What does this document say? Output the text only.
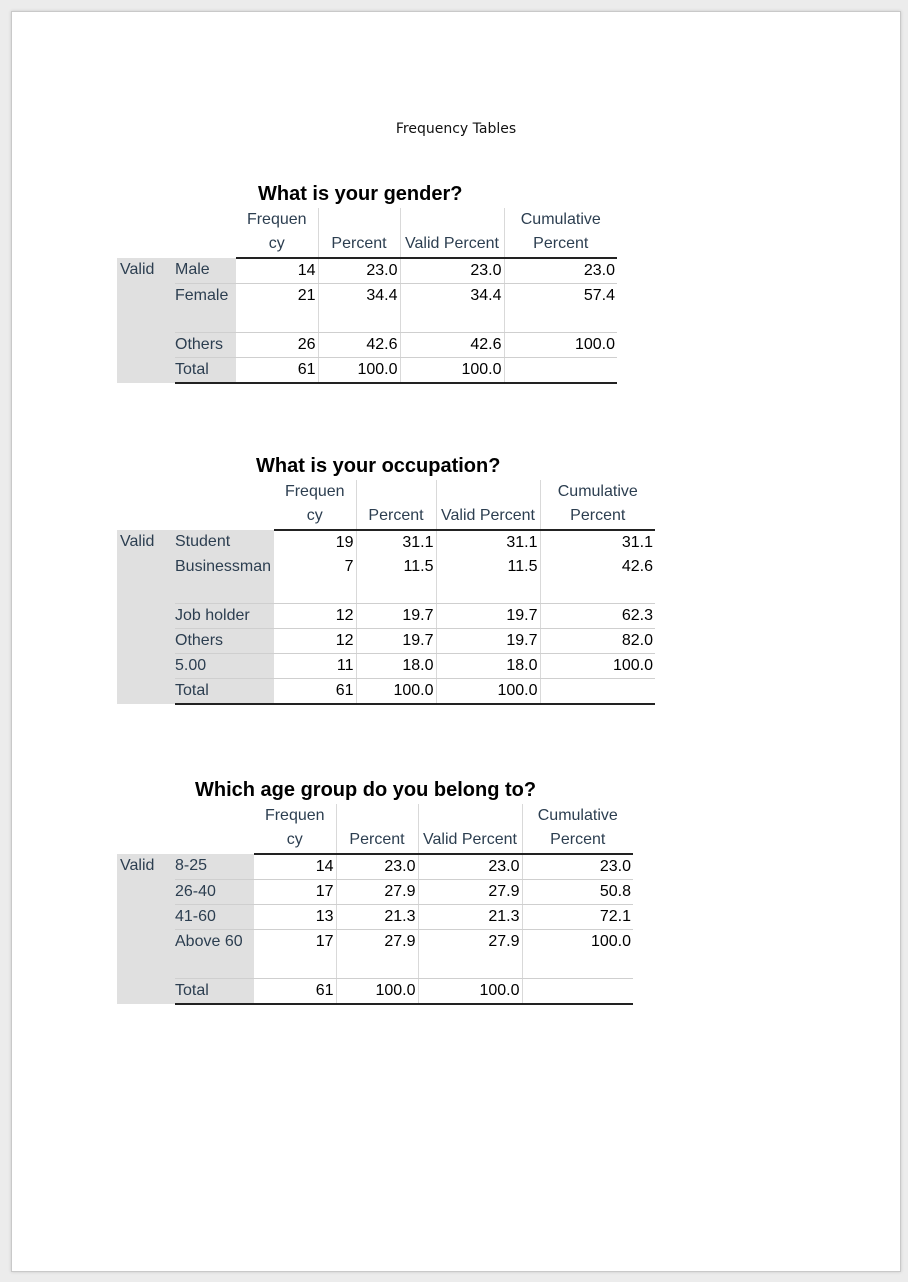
Frequency Tables
What is your gender?
		Frequen cy	Percent	Valid Percent	Cumulative Percent
Valid	Male	14	23.0	23.0	23.0
	Female	21	34.4	34.4	57.4
	Others	26	42.6	42.6	100.0
	Total	61	100.0	100.0	
What is your occupation?
		Frequen cy	Percent	Valid Percent	Cumulative Percent
Valid	Student	19	31.1	31.1	31.1
	Businessman	7	11.5	11.5	42.6
	Job holder	12	19.7	19.7	62.3
	Others	12	19.7	19.7	82.0
	5.00	11	18.0	18.0	100.0
	Total	61	100.0	100.0	
Which age group do you belong to?
		Frequen cy	Percent	Valid Percent	Cumulative Percent
Valid	8-25	14	23.0	23.0	23.0
	26-40	17	27.9	27.9	50.8
	41-60	13	21.3	21.3	72.1
	Above 60	17	27.9	27.9	100.0
	Total	61	100.0	100.0	
